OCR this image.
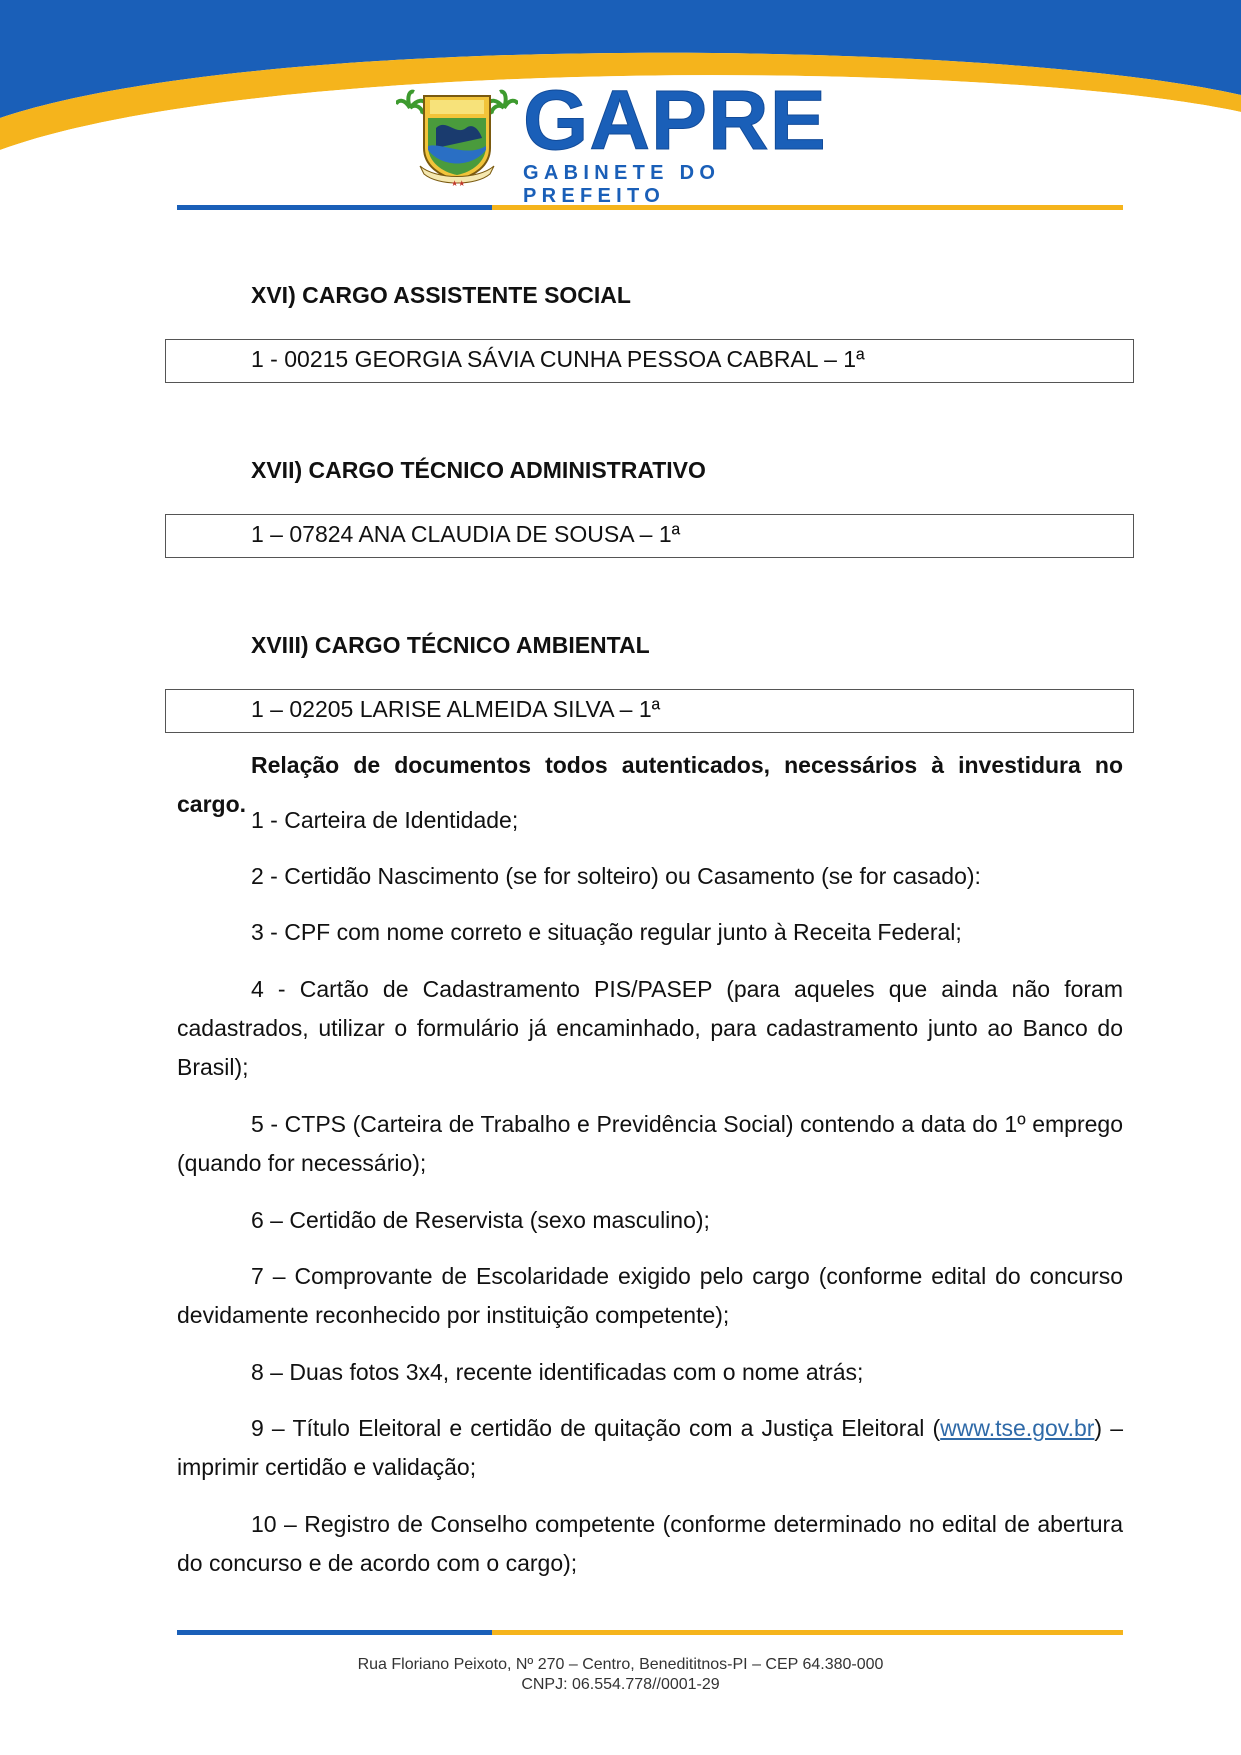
★★
GAPRE
GABINETE DO PREFEITO
XVI) CARGO ASSISTENTE SOCIAL
1 - 00215 GEORGIA SÁVIA CUNHA PESSOA CABRAL – 1ª
XVII) CARGO TÉCNICO ADMINISTRATIVO
1 – 07824 ANA CLAUDIA DE SOUSA – 1ª
XVIII) CARGO TÉCNICO AMBIENTAL
1 – 02205 LARISE ALMEIDA SILVA – 1ª
Relação de documentos todos autenticados, necessários à investidura no cargo.
1 - Carteira de Identidade;
2 - Certidão Nascimento (se for solteiro) ou Casamento (se for casado):
3 - CPF com nome correto e situação regular junto à Receita Federal;
4 - Cartão de Cadastramento PIS/PASEP (para aqueles que ainda não foram cadastrados, utilizar o formulário já encaminhado, para cadastramento junto ao Banco do Brasil);
5 - CTPS (Carteira de Trabalho e Previdência Social) contendo a data do 1º emprego (quando for necessário);
6 – Certidão de Reservista (sexo masculino);
7 – Comprovante de Escolaridade exigido pelo cargo (conforme edital do concurso devidamente reconhecido por instituição competente);
8 – Duas fotos 3x4, recente identificadas com o nome atrás;
9 – Título Eleitoral e certidão de quitação com a Justiça Eleitoral (www.tse.gov.br) – imprimir certidão e validação;
10 – Registro de Conselho competente (conforme determinado no edital de abertura do concurso e de acordo com o cargo);
Rua Floriano Peixoto, Nº 270 – Centro, Benedititnos-PI – CEP 64.380-000
CNPJ: 06.554.778//0001-29
